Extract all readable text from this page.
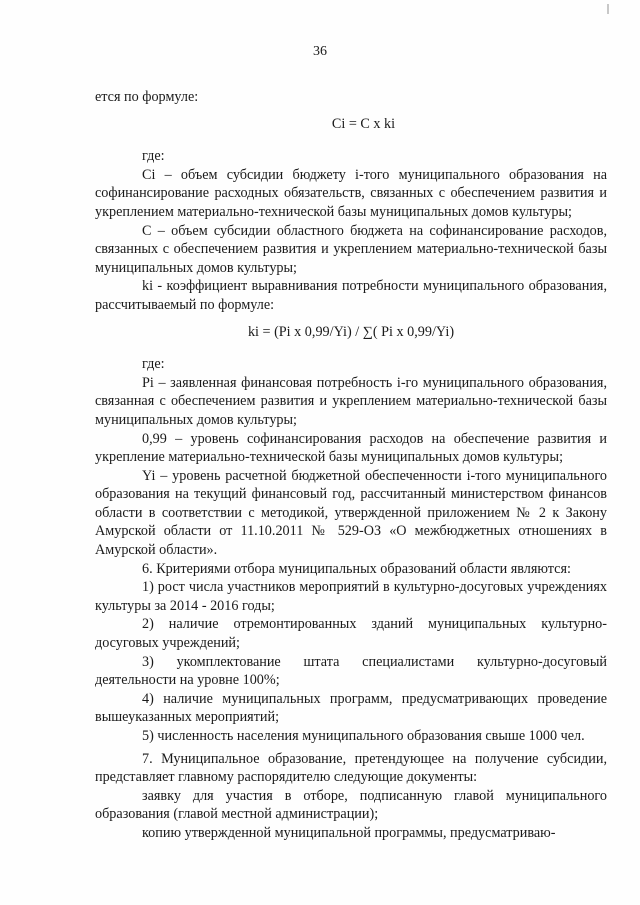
36

ется по формуле:

Ci = C x ki

где:

Ci – объем субсидии бюджету i-того муниципального образования на софинансирование расходных обязательств, связанных с обеспечением развития и укреплением материально-технической базы муниципальных домов культуры;

C – объем субсидии областного бюджета на софинансирование расходов, связанных с обеспечением развития и укреплением материально-технической базы муниципальных домов культуры;

ki - коэффициент выравнивания потребности муниципального образования, рассчитываемый по формуле:

ki = (Pi x 0,99/Yi) / ∑( Pi x 0,99/Yi)

где:

Pi – заявленная финансовая потребность i-го муниципального образования, связанная с обеспечением развития и укреплением материально-технической базы муниципальных домов культуры;

0,99 – уровень софинансирования расходов на обеспечение развития и укрепление материально-технической базы муниципальных домов культуры;

Yi – уровень расчетной бюджетной обеспеченности i-того муниципального образования на текущий финансовый год, рассчитанный министерством финансов области в соответствии с методикой, утвержденной приложением № 2 к Закону Амурской области от 11.10.2011 № 529-ОЗ «О межбюджетных отношениях в Амурской области».

6. Критериями отбора муниципальных образований области являются:

1) рост числа участников мероприятий в культурно-досуговых учреждениях культуры за 2014 - 2016 годы;

2) наличие отремонтированных зданий муниципальных культурно-досуговых учреждений;

3) укомплектование штата специалистами культурно-досуговый деятельности на уровне 100%;

4) наличие муниципальных программ, предусматривающих проведение вышеуказанных мероприятий;

5) численность населения муниципального образования свыше 1000 чел.

7. Муниципальное образование, претендующее на получение субсидии, представляет главному распорядителю следующие документы:

заявку для участия в отборе, подписанную главой муниципального образования (главой местной администрации);

копию утвержденной муниципальной программы, предусматриваю-
